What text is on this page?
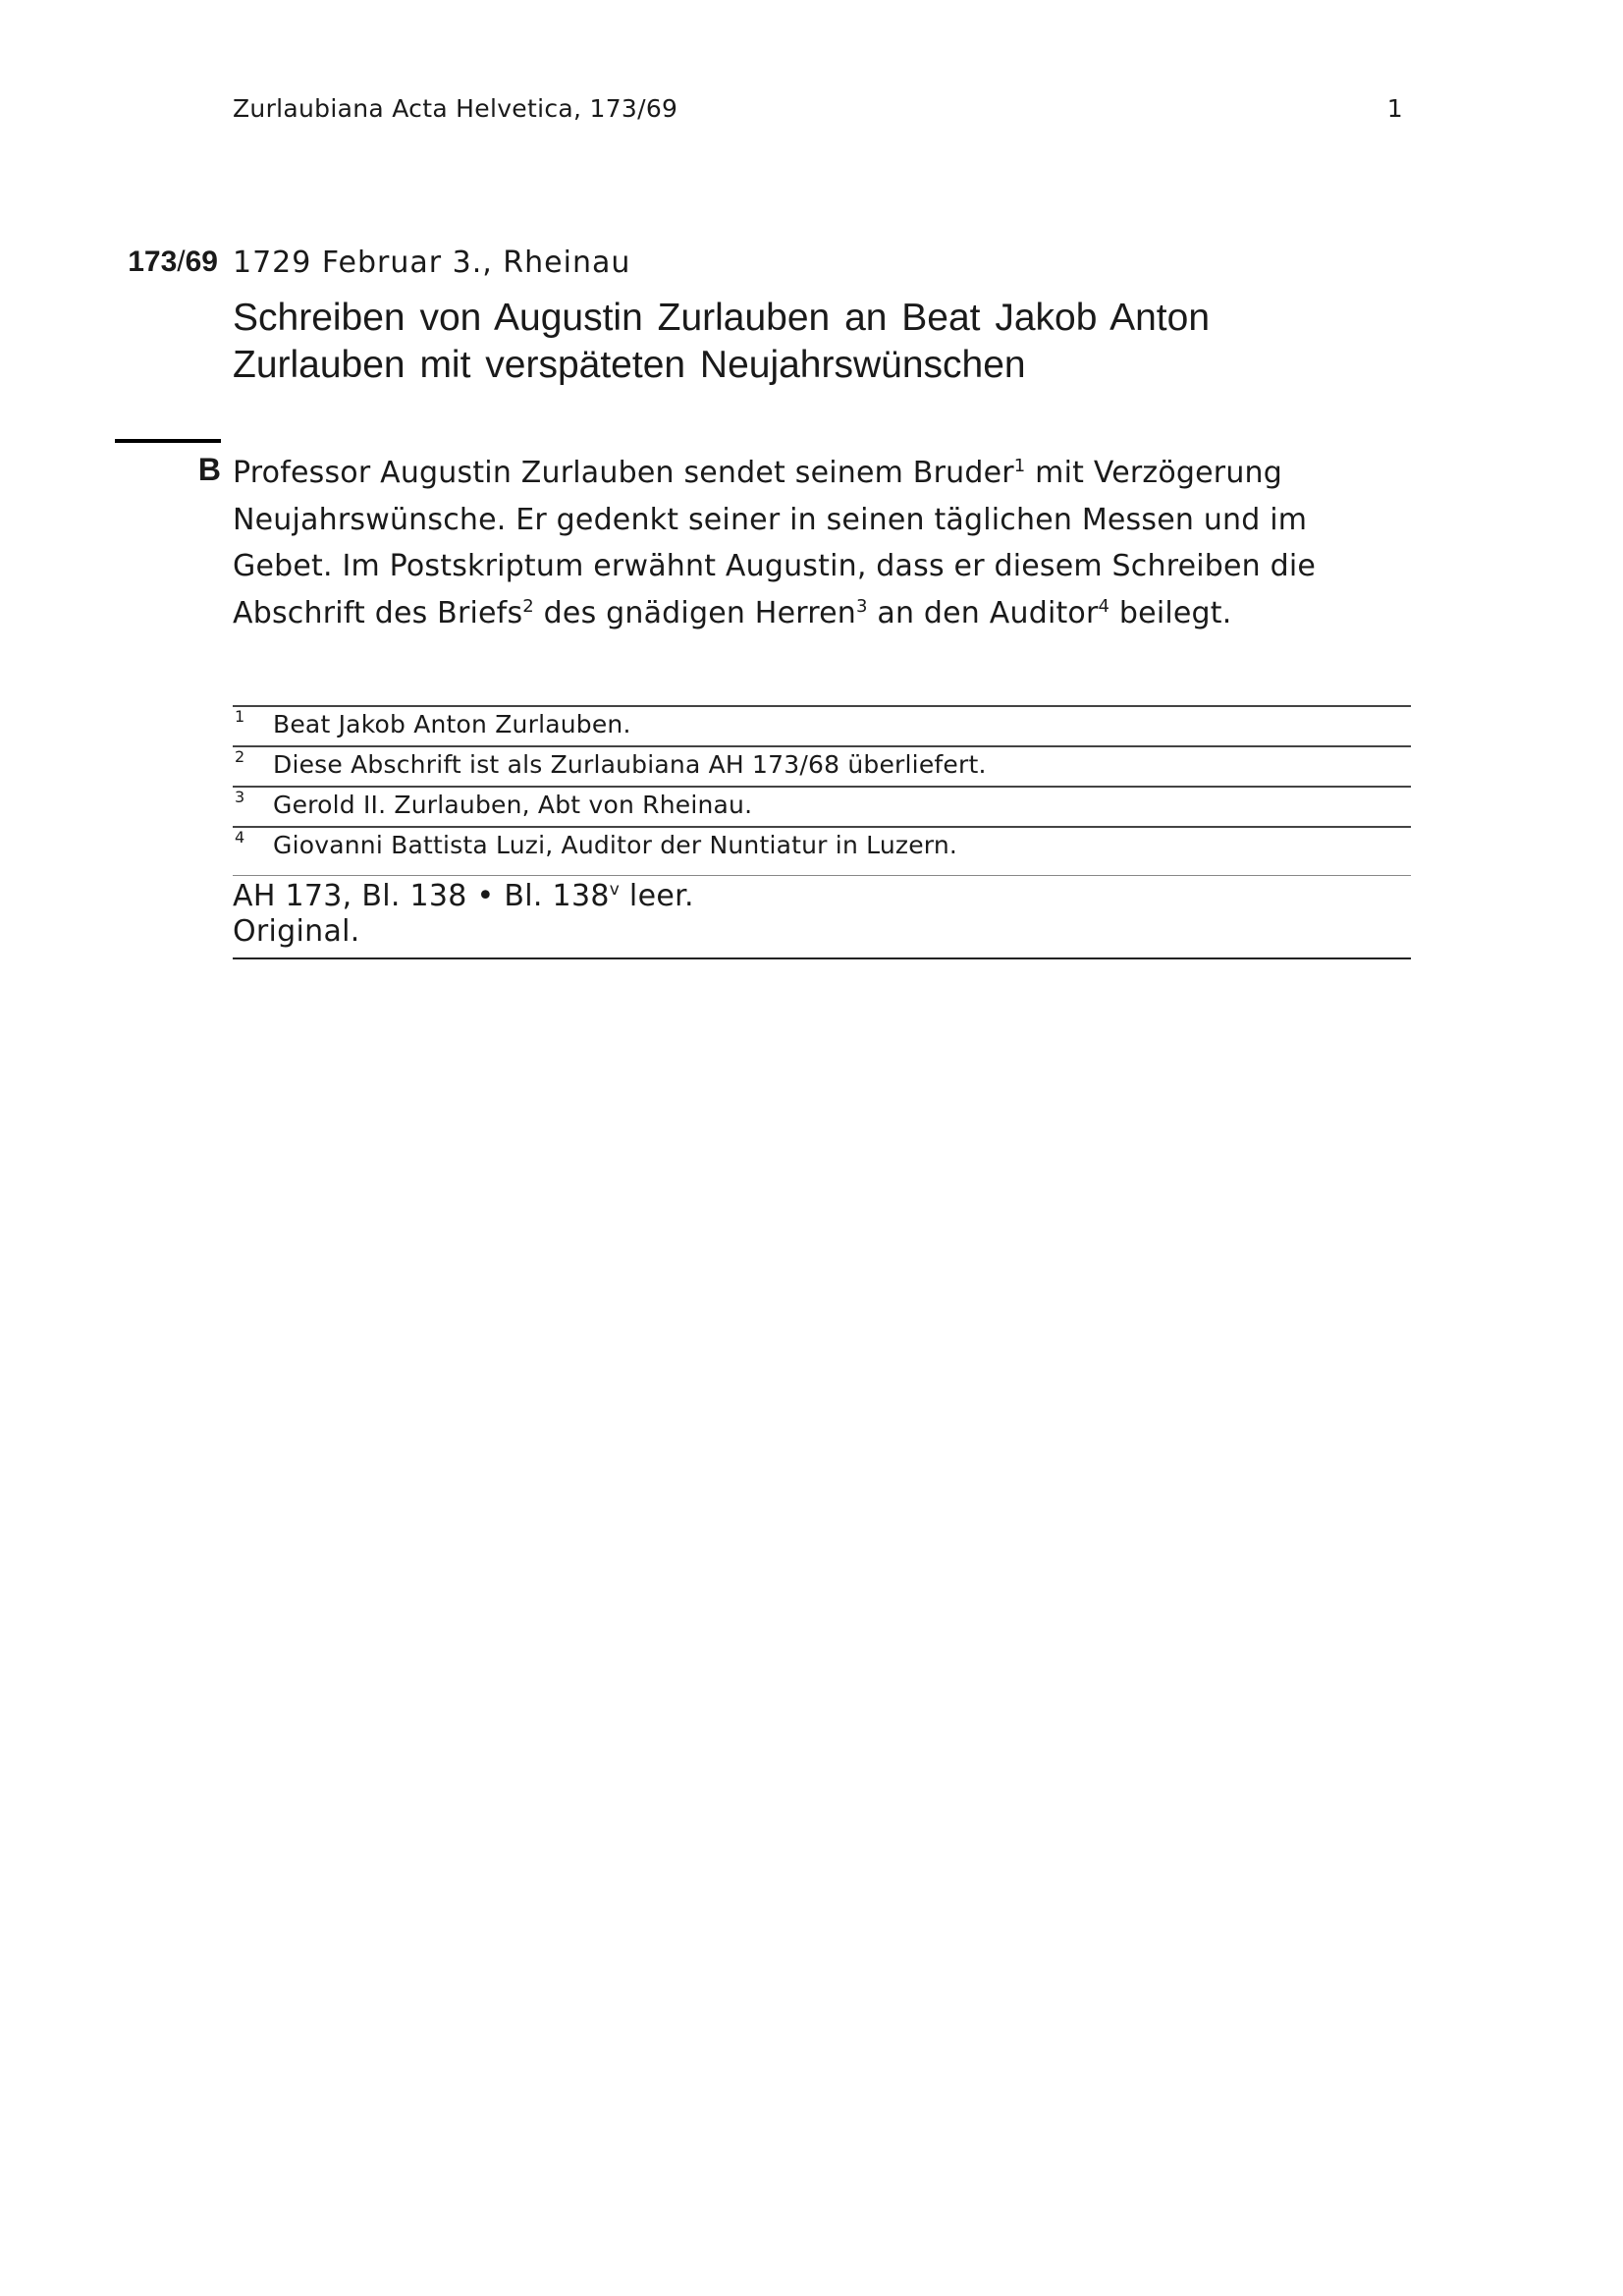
Zurlaubiana Acta Helvetica, 173/69	1
173/69 1729 Februar 3., Rheinau
Schreiben von Augustin Zurlauben an Beat Jakob Anton
Zurlauben mit verspäteten Neujahrswünschen
B Professor Augustin Zurlauben sendet seinem Bruder$^1$ mit Verzögerung Neujahrswünsche. Er gedenkt seiner in seinen täglichen Messen und im Gebet. Im Postskriptum erwähnt Augustin, dass er diesem Schreiben die Abschrift des Briefs$^2$ des gnädigen Herren$^3$ an den Auditor$^4$ beilegt.
1 Beat Jakob Anton Zurlauben.
2 Diese Abschrift ist als Zurlaubiana AH 173/68 überliefert.
3 Gerold II. Zurlauben, Abt von Rheinau.
4 Giovanni Battista Luzi, Auditor der Nuntiatur in Luzern.
AH 173, Bl. 138 • Bl. 138$^v$ leer.
Original.
